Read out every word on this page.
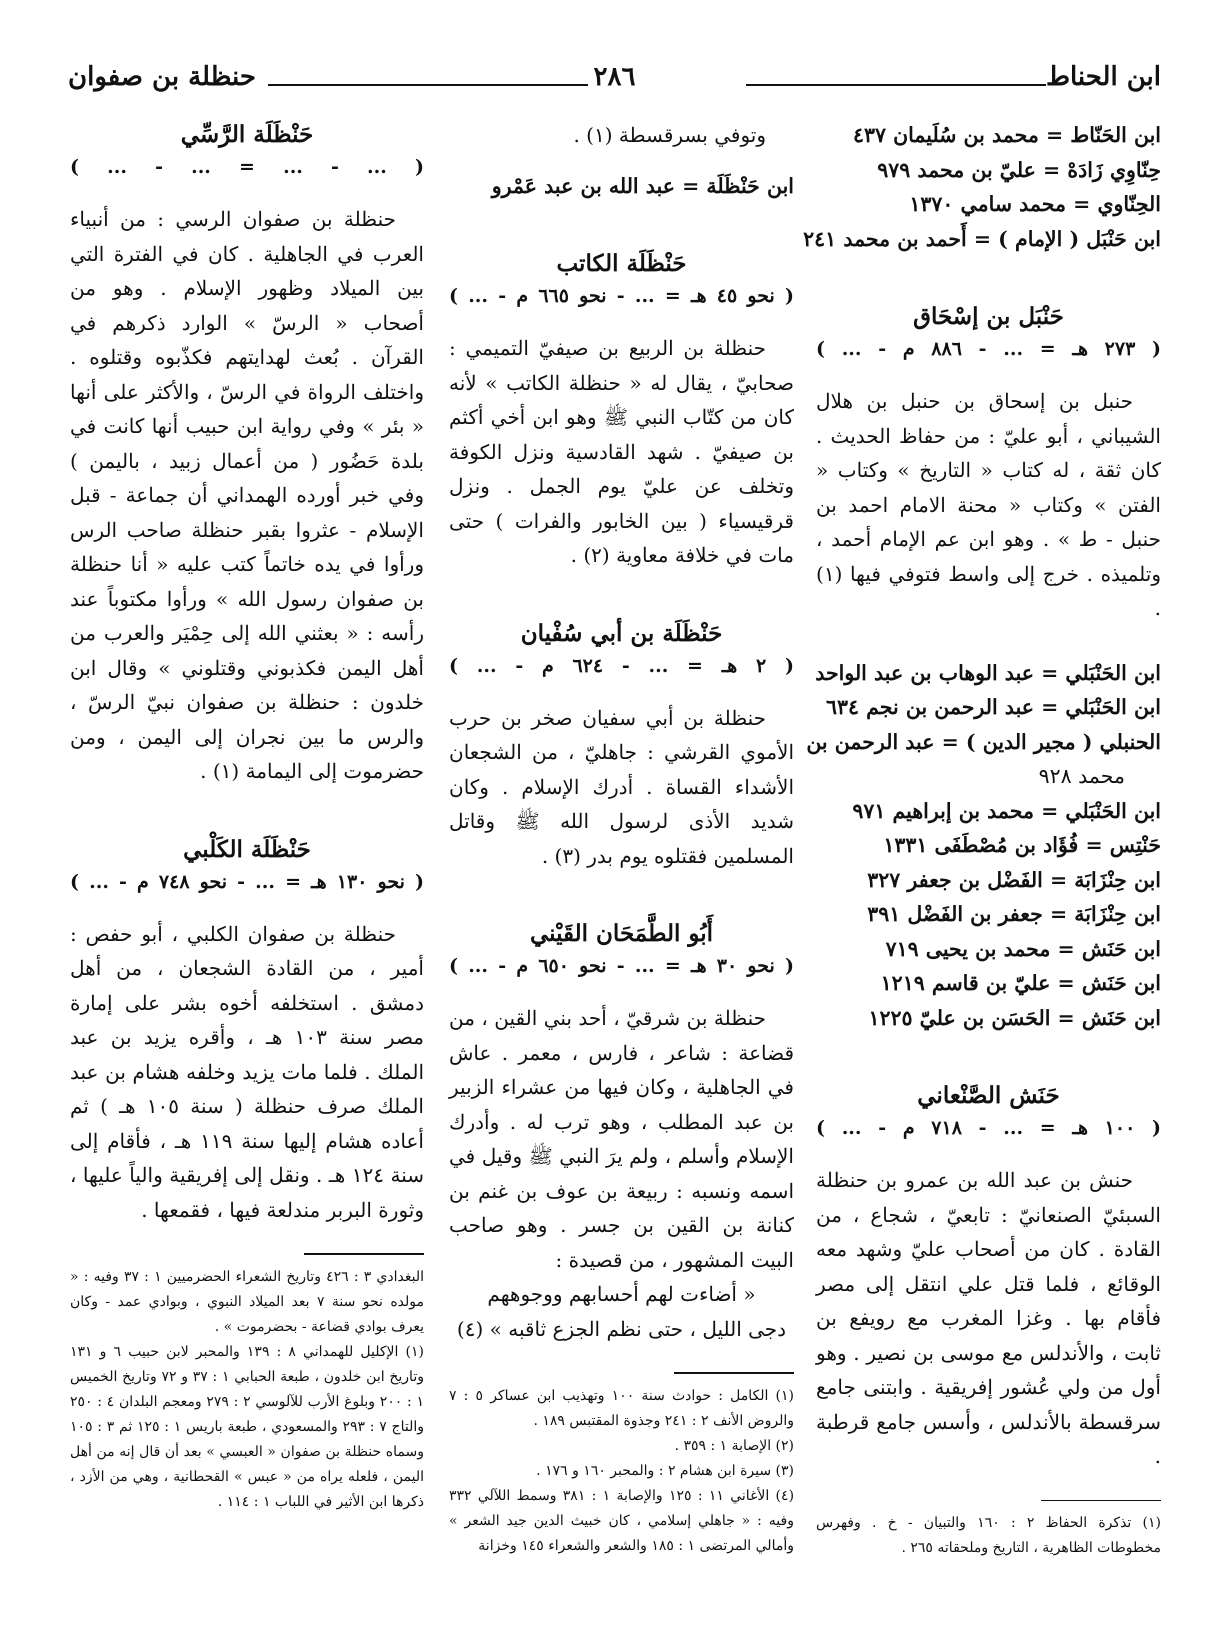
ابن الحناط
٢٨٦
حنظلة بن صفوان

ابن الحَنّاط = محمد بن سُلَيمان ٤٣٧

حِنّاوِي زَادَهْ = عليّ بن محمد ٩٧٩

الحِنّاوي = محمد سامي ١٣٧٠

ابن حَنْبَل ( الإمام ) = أَحمد بن محمد ٢٤١

حَنْبَل بن إسْحَاق

( ... - ٢٧٣ هـ = ... - ٨٨٦ م )

حنبل بن إسحاق بن حنبل بن هلال الشيباني ، أبو عليّ : من حفاظ الحديث . كان ثقة ، له كتاب « التاريخ » وكتاب « الفتن » وكتاب « محنة الامام احمد بن حنبل - ط » . وهو ابن عم الإمام أحمد ، وتلميذه . خرج إلى واسط فتوفي فيها (١) .

ابن الحَنْبَلي = عبد الوهاب بن عبد الواحد

ابن الحَنْبَلي = عبد الرحمن بن نجم ٦٣٤

الحنبلي ( مجير الدين ) = عبد الرحمن بن

محمد ٩٢٨

ابن الحَنْبَلي = محمد بن إبراهيم ٩٧١

حَنْتِس = فُؤَاد بن مُصْطَفَى ١٣٣١

ابن حِنْزَابَة = الفَضْل بن جعفر ٣٢٧

ابن حِنْزَابَة = جعفر بن الفَضْل ٣٩١

ابن حَنَش = محمد بن يحيى ٧١٩

ابن حَنَش = عليّ بن قاسم ١٢١٩

ابن حَنَش = الحَسَن بن عليّ ١٢٢٥

حَنَش الصَّنْعاني

( ... - ١٠٠ هـ = ... - ٧١٨ م )

حنش بن عبد الله بن عمرو بن حنظلة السبئيّ الصنعانيّ : تابعيّ ، شجاع ، من القادة . كان من أصحاب عليّ وشهد معه الوقائع ، فلما قتل علي انتقل إلى مصر فأقام بها . وغزا المغرب مع رويفع بن ثابت ، والأندلس مع موسى بن نصير . وهو أول من ولي عُشور إفريقية . وابتنى جامع سرقسطة بالأندلس ، وأسس جامع قرطبة .

(١) تذكرة الحفاظ ٢ : ١٦٠ والتبيان - خ . وفهرس مخطوطات الظاهرية ، التاريخ وملحقاته ٢٦٥ .

وتوفي بسرقسطة (١) .

ابن حَنْظَلَة = عبد الله بن عبد عَمْرو

حَنْظَلَة الكاتب

( ... - نحو ٤٥ هـ = ... - نحو ٦٦٥ م )

حنظلة بن الربيع بن صيفيّ التميمي : صحابيّ ، يقال له « حنظلة الكاتب » لأنه كان من كتّاب النبي ﷺ وهو ابن أخي أكثم بن صيفيّ . شهد القادسية ونزل الكوفة وتخلف عن عليّ يوم الجمل . ونزل قرقيسياء ( بين الخابور والفرات ) حتى مات في خلافة معاوية (٢) .

حَنْظَلَة بن أبي سُفْيان

( ... - ٢ هـ = ... - ٦٢٤ م )

حنظلة بن أبي سفيان صخر بن حرب الأموي القرشي : جاهليّ ، من الشجعان الأشداء القساة . أدرك الإسلام . وكان شديد الأذى لرسول الله ﷺ وقاتل المسلمين فقتلوه يوم بدر (٣) .

أَبُو الطَّمَحَان القَيْني

( ... - نحو ٣٠ هـ = ... - نحو ٦٥٠ م )

حنظلة بن شرقيّ ، أحد بني القين ، من قضاعة : شاعر ، فارس ، معمر . عاش في الجاهلية ، وكان فيها من عشراء الزبير بن عبد المطلب ، وهو ترب له . وأدرك الإسلام وأسلم ، ولم يرَ النبي ﷺ وقيل في اسمه ونسبه : ربيعة بن عوف بن غنم بن كنانة بن القين بن جسر . وهو صاحب البيت المشهور ، من قصيدة :

« أضاءت لهم أحسابهم ووجوههم

دجى الليل ، حتى نظم الجزع ثاقبه » (٤)

(١) الكامل : حوادث سنة ١٠٠ وتهذيب ابن عساكر ٥ : ٧ والروض الأنف ٢ : ٢٤١ وجذوة المقتبس ١٨٩ .

(٢) الإصابة ١ : ٣٥٩ .

(٣) سيرة ابن هشام ٢ : والمحبر ١٦٠ و ١٧٦ .

(٤) الأغاني ١١ : ١٢٥ والإصابة ١ : ٣٨١ وسمط اللآلي ٣٣٢ وفيه : « جاهلي إسلامي ، كان خبيث الدين جيد الشعر » وأمالي المرتضى ١ : ١٨٥ والشعر والشعراء ١٤٥ وخزانة

حَنْظَلَة الرَّسِّي

( ... - ... = ... - ... )

حنظلة بن صفوان الرسي : من أنبياء العرب في الجاهلية . كان في الفترة التي بين الميلاد وظهور الإسلام . وهو من أصحاب « الرسّ » الوارد ذكرهم في القرآن . بُعث لهدايتهم فكذّبوه وقتلوه . واختلف الرواة في الرسّ ، والأكثر على أنها « بئر » وفي رواية ابن حبيب أنها كانت في بلدة حَضُور ( من أعمال زبيد ، باليمن ) وفي خبر أورده الهمداني أن جماعة - قبل الإسلام - عثروا بقبر حنظلة صاحب الرس ورأوا في يده خاتماً كتب عليه « أنا حنظلة بن صفوان رسول الله » ورأوا مكتوباً عند رأسه : « بعثني الله إلى حِمْيَر والعرب من أهل اليمن فكذبوني وقتلوني » وقال ابن خلدون : حنظلة بن صفوان نبيّ الرسّ ، والرس ما بين نجران إلى اليمن ، ومن حضرموت إلى اليمامة (١) .

حَنْظَلَة الكَلْبي

( ... - نحو ١٣٠ هـ = ... - نحو ٧٤٨ م )

حنظلة بن صفوان الكلبي ، أبو حفص : أمير ، من القادة الشجعان ، من أهل دمشق . استخلفه أخوه بشر على إمارة مصر سنة ١٠٣ هـ ، وأقره يزيد بن عبد الملك . فلما مات يزيد وخلفه هشام بن عبد الملك صرف حنظلة ( سنة ١٠٥ هـ ) ثم أعاده هشام إليها سنة ١١٩ هـ ، فأقام إلى سنة ١٢٤ هـ . ونقل إلى إفريقية والياً عليها ، وثورة البربر مندلعة فيها ، فقمعها .

البغدادي ٣ : ٤٢٦ وتاريخ الشعراء الحضرميين ١ : ٣٧ وفيه : « مولده نحو سنة ٧ بعد الميلاد النبوي ، وبوادي عمد - وكان يعرف بوادي قضاعة - بحضرموت » .

(١) الإكليل للهمداني ٨ : ١٣٩ والمحبر لابن حبيب ٦ و ١٣١ وتاريخ ابن خلدون ، طبعة الحبابي ١ : ٣٧ و ٧٢ وتاريخ الخميس ١ : ٢٠٠ وبلوغ الأرب للآلوسي ٢ : ٢٧٩ ومعجم البلدان ٤ : ٢٥٠ والتاج ٧ : ٢٩٣ والمسعودي ، طبعة باريس ١ : ١٢٥ ثم ٣ : ١٠٥ وسماه حنظلة بن صفوان « العبسي » بعد أن قال إنه من أهل اليمن ، فلعله يراه من « عبس » القحطانية ، وهي من الأزد ، ذكرها ابن الأثير في اللباب ١ : ١١٤ .
